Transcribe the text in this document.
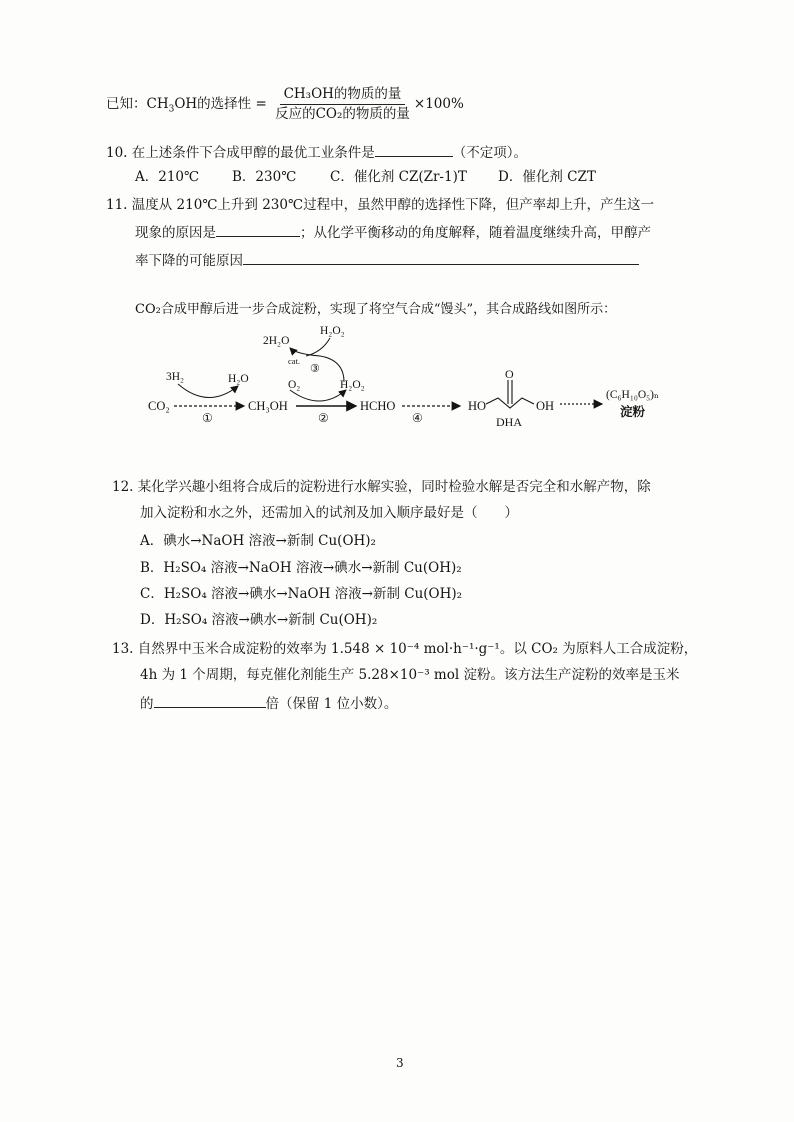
已知：$CH_3OH$的选择性 = $\frac{\text{CH₃OH的物质的量}}{\text{反应的CO₂的物质的量}} \times 100\%$
10. 在上述条件下合成甲醇的最优工业条件是	（不定项）。
A．210℃ B．230℃ C．催化剂 CZ(Zr-1)T D．催化剂 CZT
11. 温度从 210℃上升到 230℃过程中，虽然甲醇的选择性下降，但产率却上升，产生这一
现象的原因是	；从化学平衡移动的角度解释，随着温度继续升高，甲醇产
率下降的可能原因
CO₂合成甲醇后进一步合成淀粉，实现了将空气合成“馒头”，其合成路线如图所示：
CO₂
3H₂	H₂O
①
CH₃OH
O₂	H₂O₂
②
2H₂O
H₂O₂
cat.
③
HCHO
④
HO
O
OH
DHA
(C₆H₁₀O₅)ₙ
淀粉
12. 某化学兴趣小组将合成后的淀粉进行水解实验，同时检验水解是否完全和水解产物，除
加入淀粉和水之外，还需加入的试剂及加入顺序最好是（　　）
A．碘水→NaOH 溶液→新制 Cu(OH)₂
B．H₂SO₄ 溶液→NaOH 溶液→碘水→新制 Cu(OH)₂
C．H₂SO₄ 溶液→碘水→NaOH 溶液→新制 Cu(OH)₂
D．H₂SO₄ 溶液→碘水→新制 Cu(OH)₂
13. 自然界中玉米合成淀粉的效率为 1.548 × 10⁻⁴ mol·h⁻¹·g⁻¹。以 CO₂ 为原料人工合成淀粉，
4h 为 1 个周期，每克催化剂能生产 5.28×10⁻³ mol 淀粉。该方法生产淀粉的效率是玉米
的	倍（保留 1 位小数）。
3
